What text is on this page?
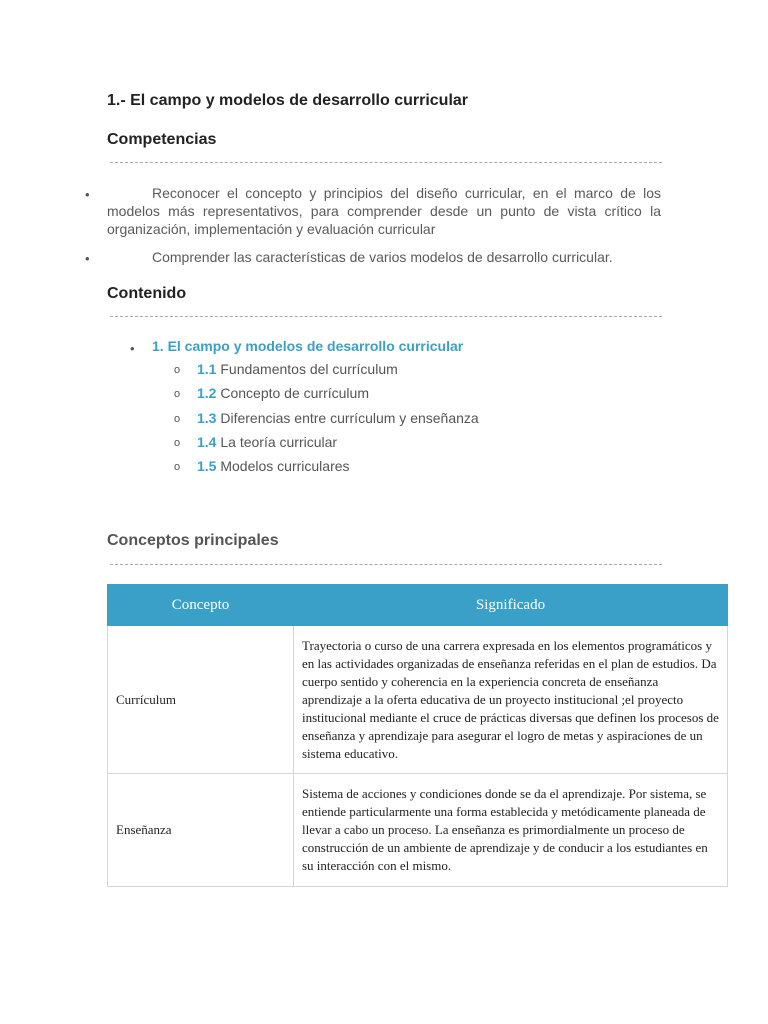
1.- El campo y modelos de desarrollo curricular
Competencias
•	Reconocer el concepto y principios del diseño curricular, en el marco de los modelos más representativos, para comprender desde un punto de vista crítico la organización, implementación y evaluación curricular
•	Comprender las características de varios modelos de desarrollo curricular.
Contenido
• 1. El campo y modelos de desarrollo curricular
o 1.1 Fundamentos del currículum
o 1.2 Concepto de currículum
o 1.3 Diferencias entre currículum y enseñanza
o 1.4 La teoría curricular
o 1.5 Modelos curriculares
Conceptos principales
Concepto	Significado
Currículum	Trayectoria o curso de una carrera expresada en los elementos programáticos y en las actividades organizadas de enseñanza referidas en el plan de estudios. Da cuerpo sentido y coherencia en la experiencia concreta de enseñanza aprendizaje a la oferta educativa de un proyecto institucional ;el proyecto institucional mediante el cruce de prácticas diversas que definen los procesos de enseñanza y aprendizaje para asegurar el logro de metas y aspiraciones de un sistema educativo.
Enseñanza	Sistema de acciones y condiciones donde se da el aprendizaje. Por sistema, se entiende particularmente una forma establecida y metódicamente planeada de llevar a cabo un proceso. La enseñanza es primordialmente un proceso de construcción de un ambiente de aprendizaje y de conducir a los estudiantes en su interacción con el mismo.
